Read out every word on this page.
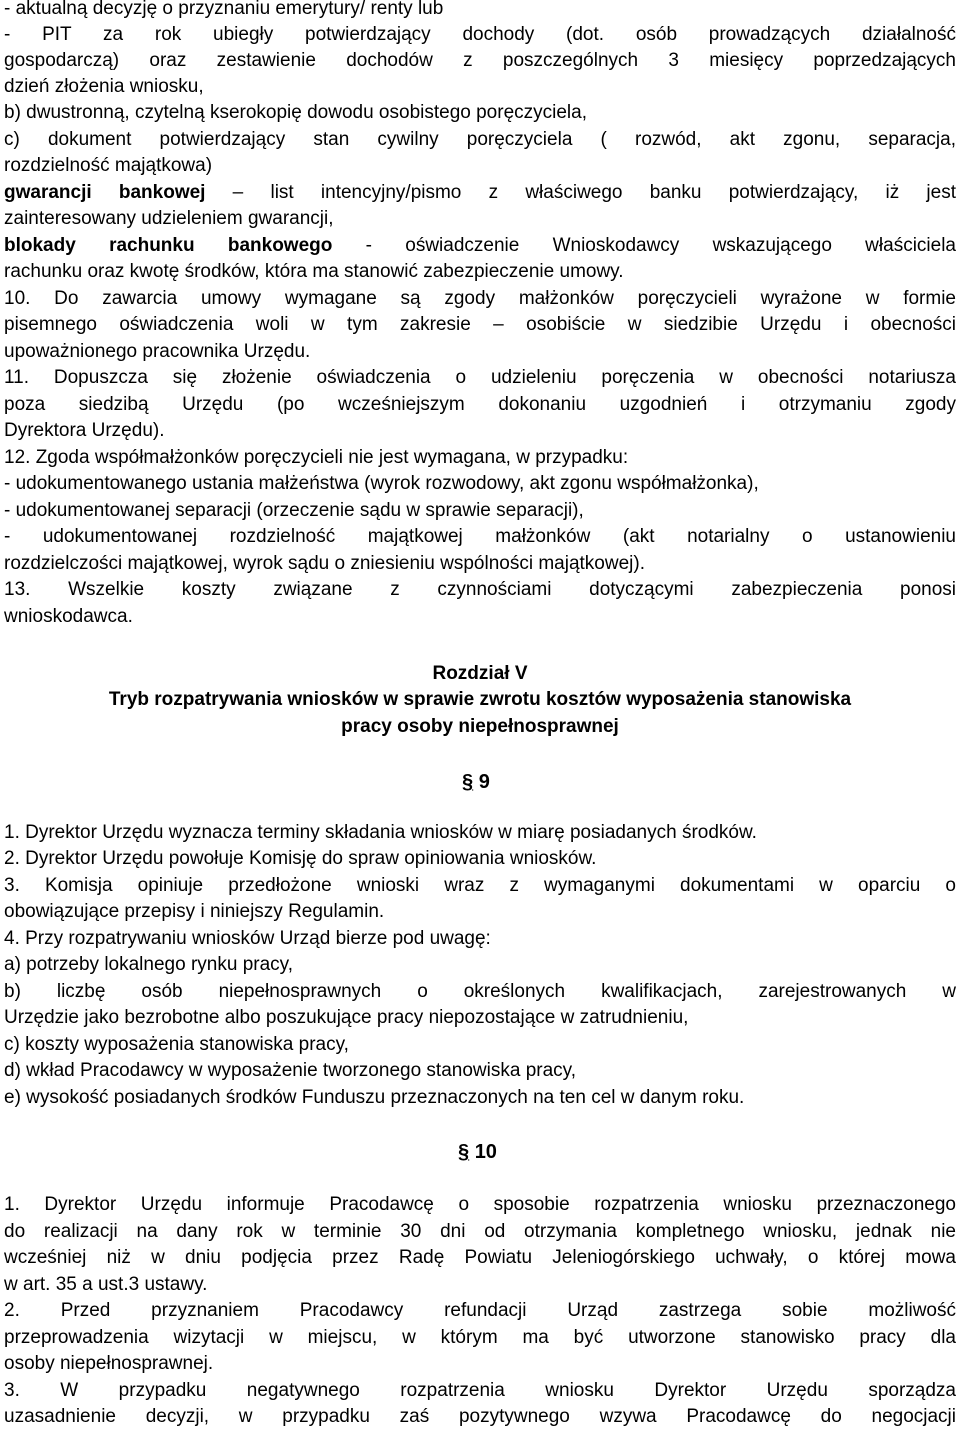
- aktualną decyzję o przyznaniu emerytury/ renty lub
- PIT za rok ubiegły potwierdzający dochody (dot. osób prowadzących działalność
gospodarczą) oraz zestawienie dochodów z poszczególnych 3 miesięcy poprzedzających
dzień złożenia wniosku,
b) dwustronną, czytelną kserokopię dowodu osobistego poręczyciela,
c) dokument potwierdzający stan cywilny poręczyciela ( rozwód, akt zgonu, separacja,
rozdzielność majątkowa)
gwarancji bankowej – list intencyjny/pismo z właściwego banku potwierdzający, iż jest
zainteresowany udzieleniem gwarancji,
blokady rachunku bankowego - oświadczenie Wnioskodawcy wskazującego właściciela
rachunku oraz kwotę środków, która ma stanowić zabezpieczenie umowy.
10. Do zawarcia umowy wymagane są zgody małżonków poręczycieli wyrażone w formie
pisemnego oświadczenia woli w tym zakresie – osobiście w siedzibie Urzędu i obecności
upoważnionego pracownika Urzędu.
11. Dopuszcza się złożenie oświadczenia o udzieleniu poręczenia w obecności notariusza
poza siedzibą Urzędu (po wcześniejszym dokonaniu uzgodnień i otrzymaniu zgody
Dyrektora Urzędu).
12. Zgoda współmałżonków poręczycieli nie jest wymagana, w przypadku:
- udokumentowanego ustania małżeństwa (wyrok rozwodowy, akt zgonu współmałżonka),
- udokumentowanej separacji (orzeczenie sądu w sprawie separacji),
- udokumentowanej rozdzielność majątkowej małżonków (akt notarialny o ustanowieniu
rozdzielczości majątkowej, wyrok sądu o zniesieniu wspólności majątkowej).
13. Wszelkie koszty związane z czynnościami dotyczącymi zabezpieczenia ponosi
wnioskodawca.
Rozdział V
Tryb rozpatrywania wniosków w sprawie zwrotu kosztów wyposażenia stanowiska
pracy osoby niepełnosprawnej
§ 9
1. Dyrektor Urzędu wyznacza terminy składania wniosków w miarę posiadanych środków.
2. Dyrektor Urzędu powołuje Komisję do spraw opiniowania wniosków.
3. Komisja opiniuje przedłożone wnioski wraz z wymaganymi dokumentami w oparciu o
obowiązujące przepisy i niniejszy Regulamin.
4. Przy rozpatrywaniu wniosków Urząd bierze pod uwagę:
a) potrzeby lokalnego rynku pracy,
b) liczbę osób niepełnosprawnych o określonych kwalifikacjach, zarejestrowanych w
Urzędzie jako bezrobotne albo poszukujące pracy niepozostające w zatrudnieniu,
c) koszty wyposażenia stanowiska pracy,
d) wkład Pracodawcy w wyposażenie tworzonego stanowiska pracy,
e) wysokość posiadanych środków Funduszu przeznaczonych na ten cel w danym roku.
§ 10
1. Dyrektor Urzędu informuje Pracodawcę o sposobie rozpatrzenia wniosku przeznaczonego
do realizacji na dany rok w terminie 30 dni od otrzymania kompletnego wniosku, jednak nie
wcześniej niż w dniu podjęcia przez Radę Powiatu Jeleniogórskiego uchwały, o której mowa
w art. 35 a ust.3 ustawy.
2. Przed przyznaniem Pracodawcy refundacji Urząd zastrzega sobie możliwość
przeprowadzenia wizytacji w miejscu, w którym ma być utworzone stanowisko pracy dla
osoby niepełnosprawnej.
3. W przypadku negatywnego rozpatrzenia wniosku Dyrektor Urzędu sporządza
uzasadnienie decyzji, w przypadku zaś pozytywnego wzywa Pracodawcę do negocjacji
